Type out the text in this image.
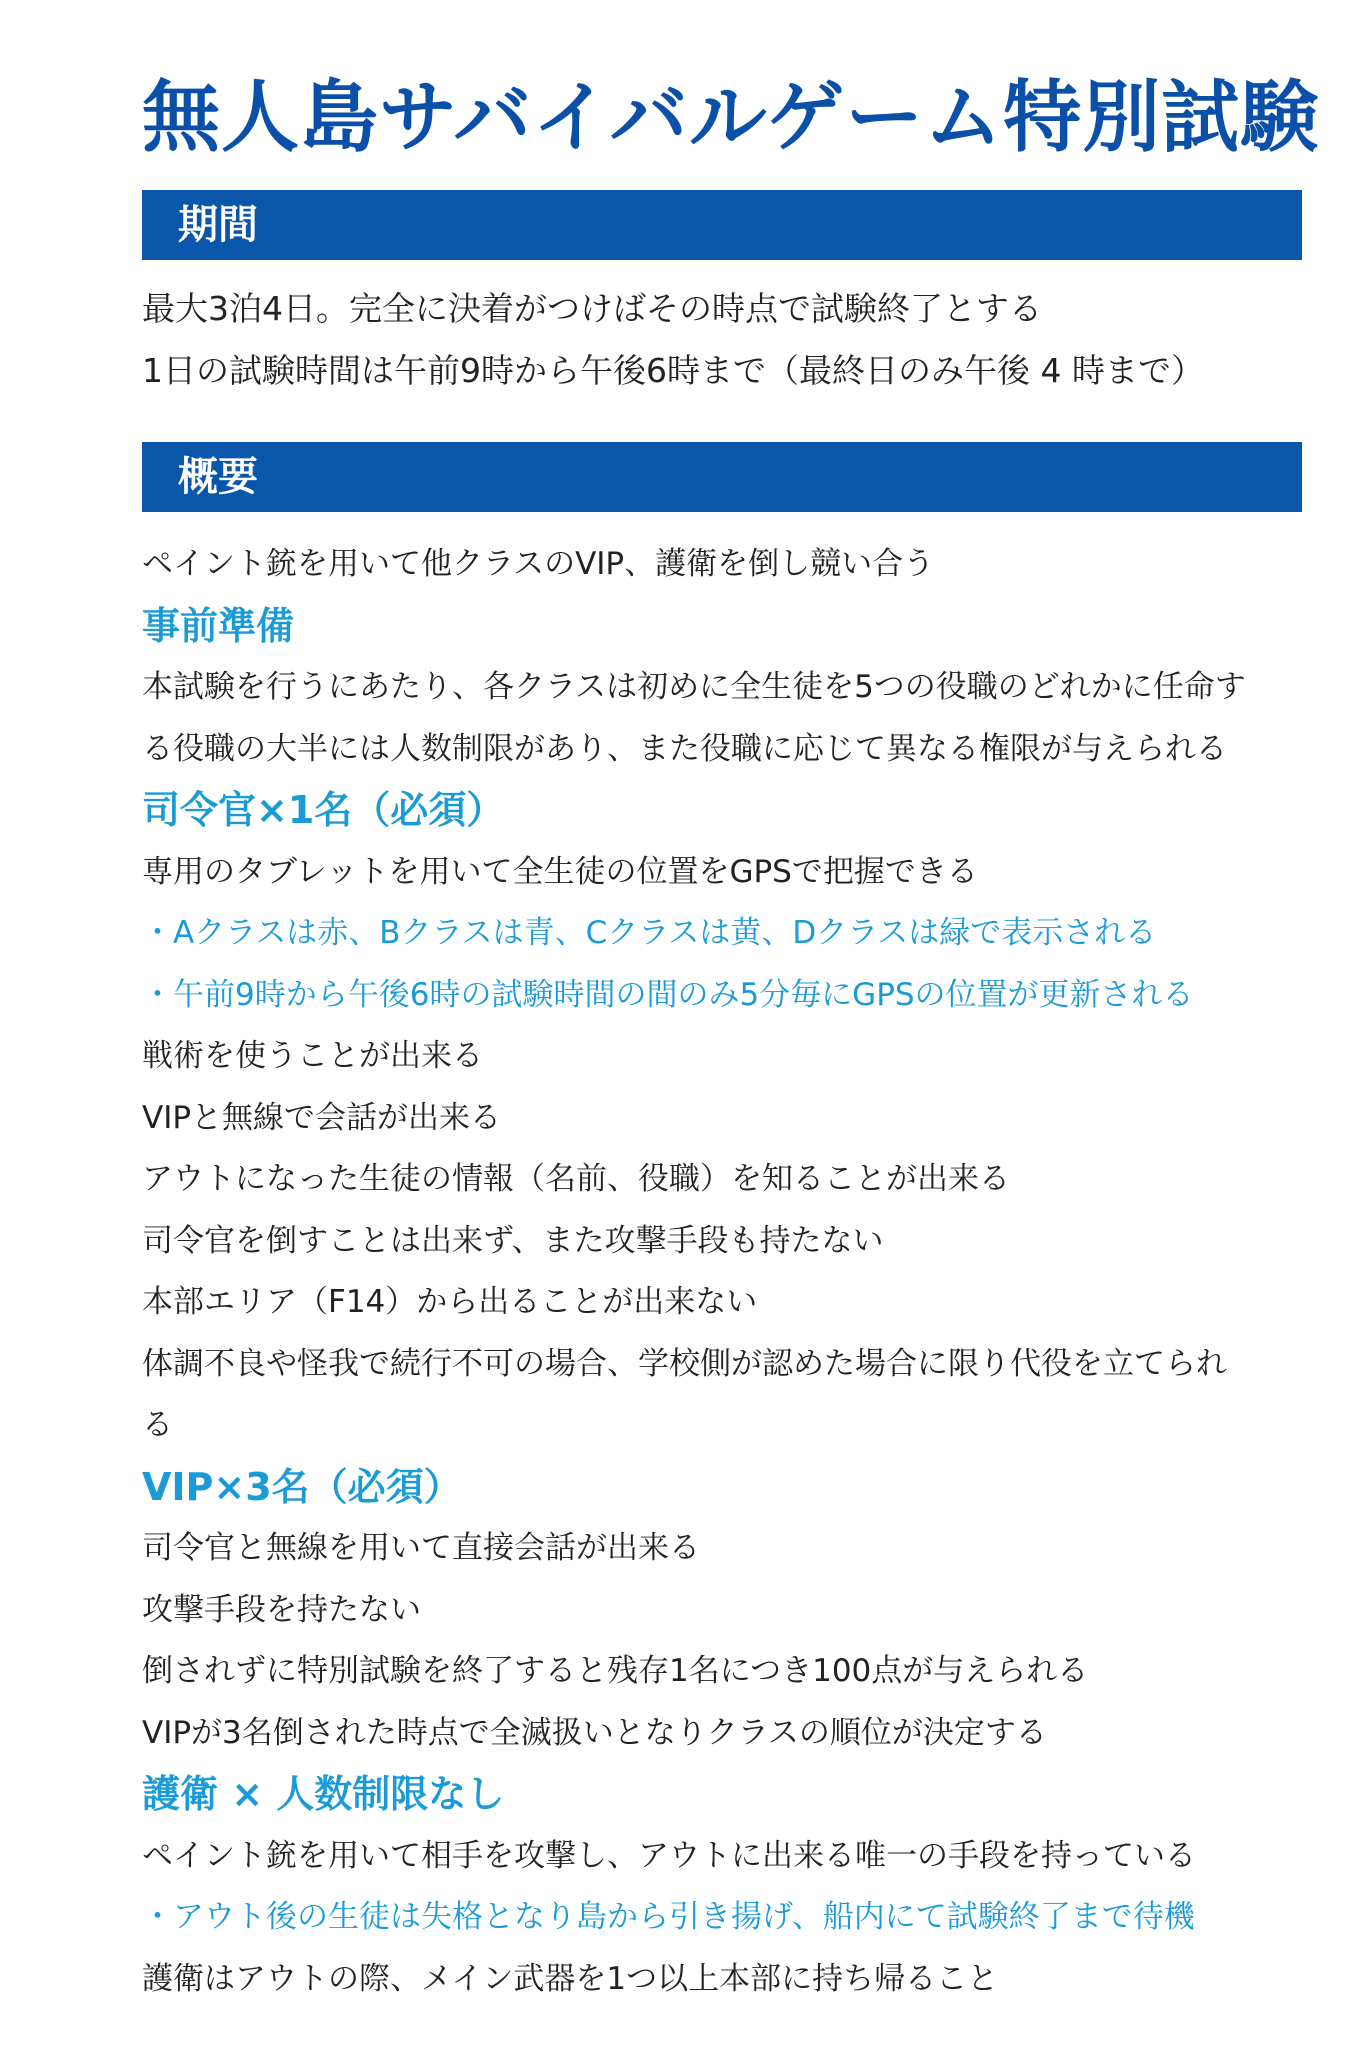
無人島サバイバルゲーム特別試験
期間
最大3泊4日。完全に決着がつけばその時点で試験終了とする
1日の試験時間は午前9時から午後6時まで（最終日のみ午後 4 時まで）
概要
ペイント銃を用いて他クラスのVIP、護衛を倒し競い合う
事前準備
本試験を行うにあたり、各クラスは初めに全生徒を5つの役職のどれかに任命す
る役職の大半には人数制限があり、また役職に応じて異なる権限が与えられる
司令官×1名（必須）
専用のタブレットを用いて全生徒の位置をGPSで把握できる
・Aクラスは赤、Bクラスは青、Cクラスは黄、Dクラスは緑で表示される
・午前9時から午後6時の試験時間の間のみ5分毎にGPSの位置が更新される
戦術を使うことが出来る
VIPと無線で会話が出来る
アウトになった生徒の情報（名前、役職）を知ることが出来る
司令官を倒すことは出来ず、また攻撃手段も持たない
本部エリア（F14）から出ることが出来ない
体調不良や怪我で続行不可の場合、学校側が認めた場合に限り代役を立てられ
る
VIP×3名（必須）
司令官と無線を用いて直接会話が出来る
攻撃手段を持たない
倒されずに特別試験を終了すると残存1名につき100点が与えられる
VIPが3名倒された時点で全滅扱いとなりクラスの順位が決定する
護衛 × 人数制限なし
ペイント銃を用いて相手を攻撃し、アウトに出来る唯一の手段を持っている
・アウト後の生徒は失格となり島から引き揚げ、船内にて試験終了まで待機
護衛はアウトの際、メイン武器を1つ以上本部に持ち帰ること
